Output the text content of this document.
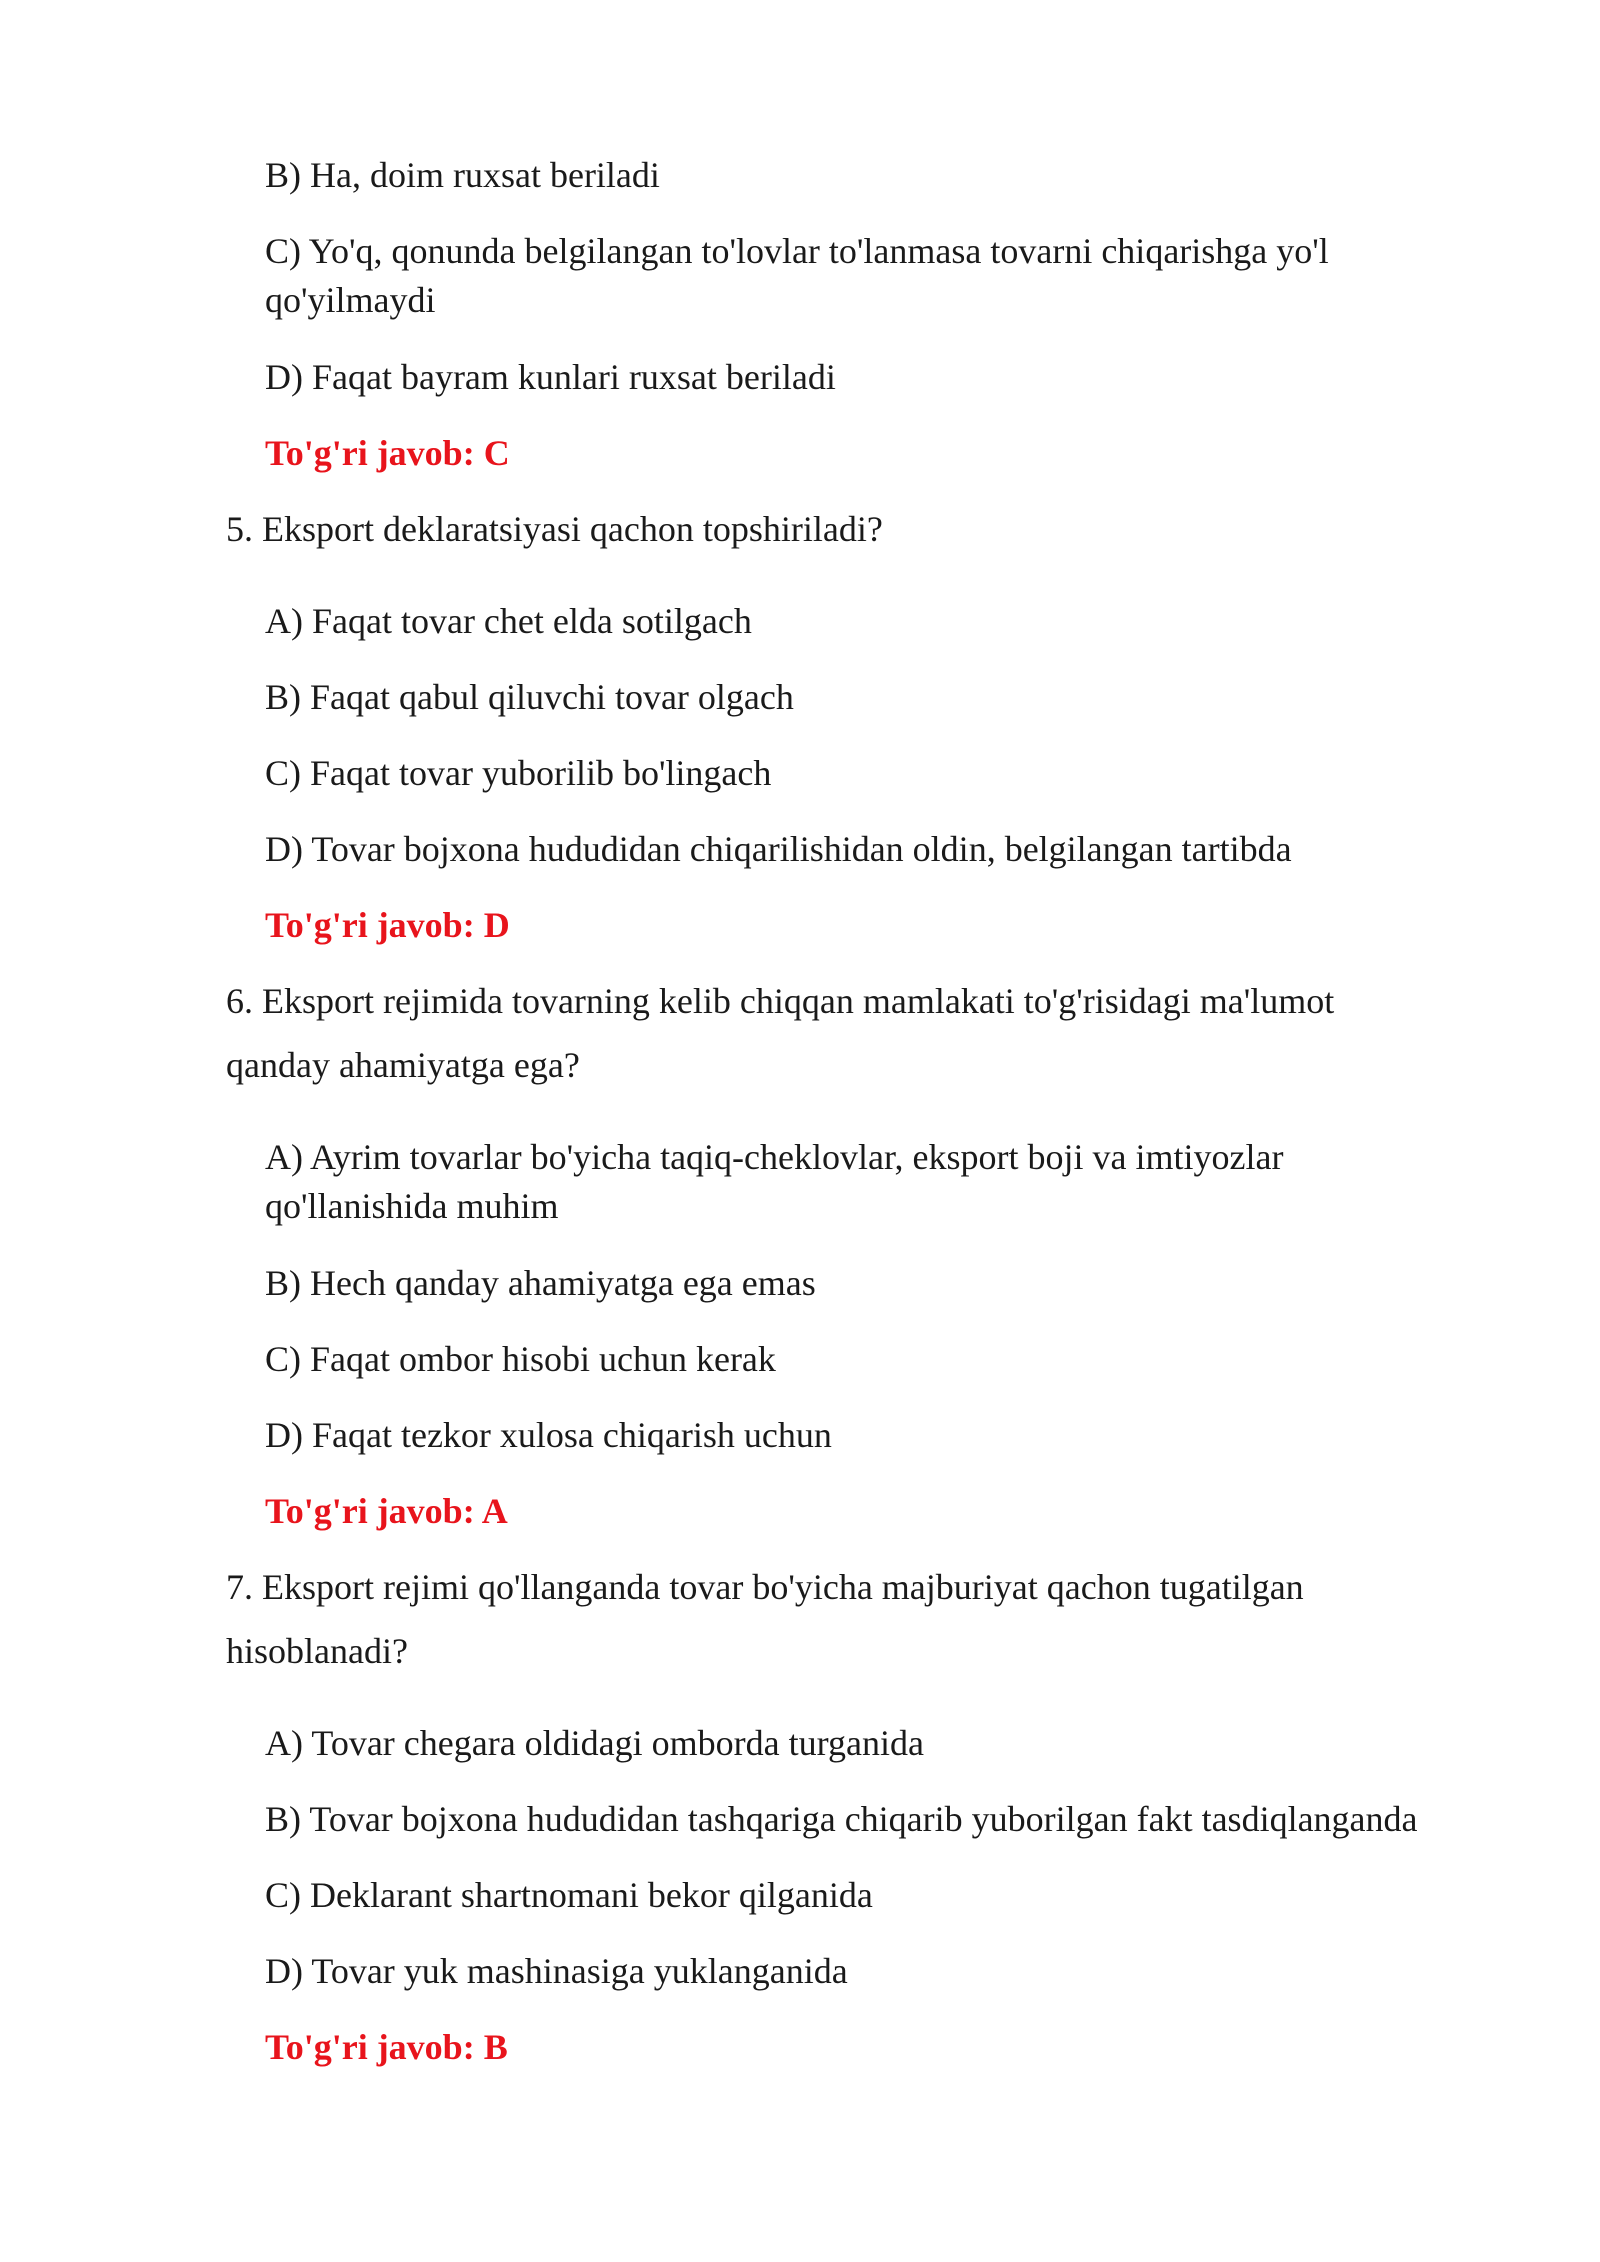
B) Ha, doim ruxsat beriladi
C) Yo'q, qonunda belgilangan to'lovlar to'lanmasa tovarni chiqarishga yo'l
qo'yilmaydi
D) Faqat bayram kunlari ruxsat beriladi
To'g'ri javob: C
5. Eksport deklaratsiyasi qachon topshiriladi?
A) Faqat tovar chet elda sotilgach
B) Faqat qabul qiluvchi tovar olgach
C) Faqat tovar yuborilib bo'lingach
D) Tovar bojxona hududidan chiqarilishidan oldin, belgilangan tartibda
To'g'ri javob: D
6. Eksport rejimida tovarning kelib chiqqan mamlakati to'g'risidagi ma'lumot
qanday ahamiyatga ega?
A) Ayrim tovarlar bo'yicha taqiq-cheklovlar, eksport boji va imtiyozlar
qo'llanishida muhim
B) Hech qanday ahamiyatga ega emas
C) Faqat ombor hisobi uchun kerak
D) Faqat tezkor xulosa chiqarish uchun
To'g'ri javob: A
7. Eksport rejimi qo'llanganda tovar bo'yicha majburiyat qachon tugatilgan
hisoblanadi?
A) Tovar chegara oldidagi omborda turganida
B) Tovar bojxona hududidan tashqariga chiqarib yuborilgan fakt tasdiqlanganda
C) Deklarant shartnomani bekor qilganida
D) Tovar yuk mashinasiga yuklanganida
To'g'ri javob: B
